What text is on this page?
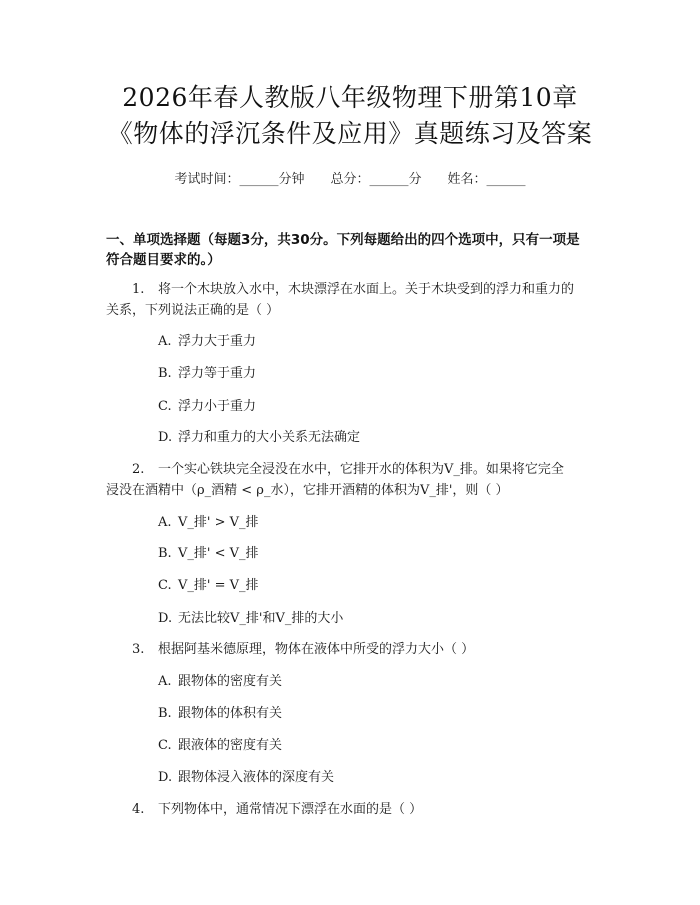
2026年春人教版八年级物理下册第10章
《物体的浮沉条件及应用》真题练习及答案
考试时间：______分钟　　总分：______分　　姓名：______
一、单项选择题（每题3分，共30分。下列每题给出的四个选项中，只有一项是
符合题目要求的。）
1. 将一个木块放入水中，木块漂浮在水面上。关于木块受到的浮力和重力的
关系，下列说法正确的是（ ）
A. 浮力大于重力
B. 浮力等于重力
C. 浮力小于重力
D. 浮力和重力的大小关系无法确定
2. 一个实心铁块完全浸没在水中，它排开水的体积为V_排。如果将它完全
浸没在酒精中（ρ_酒精 < ρ_水），它排开酒精的体积为V_排'，则（ ）
A. V_排' > V_排
B. V_排' < V_排
C. V_排' = V_排
D. 无法比较V_排'和V_排的大小
3. 根据阿基米德原理，物体在液体中所受的浮力大小（ ）
A. 跟物体的密度有关
B. 跟物体的体积有关
C. 跟液体的密度有关
D. 跟物体浸入液体的深度有关
4. 下列物体中，通常情况下漂浮在水面的是（ ）
